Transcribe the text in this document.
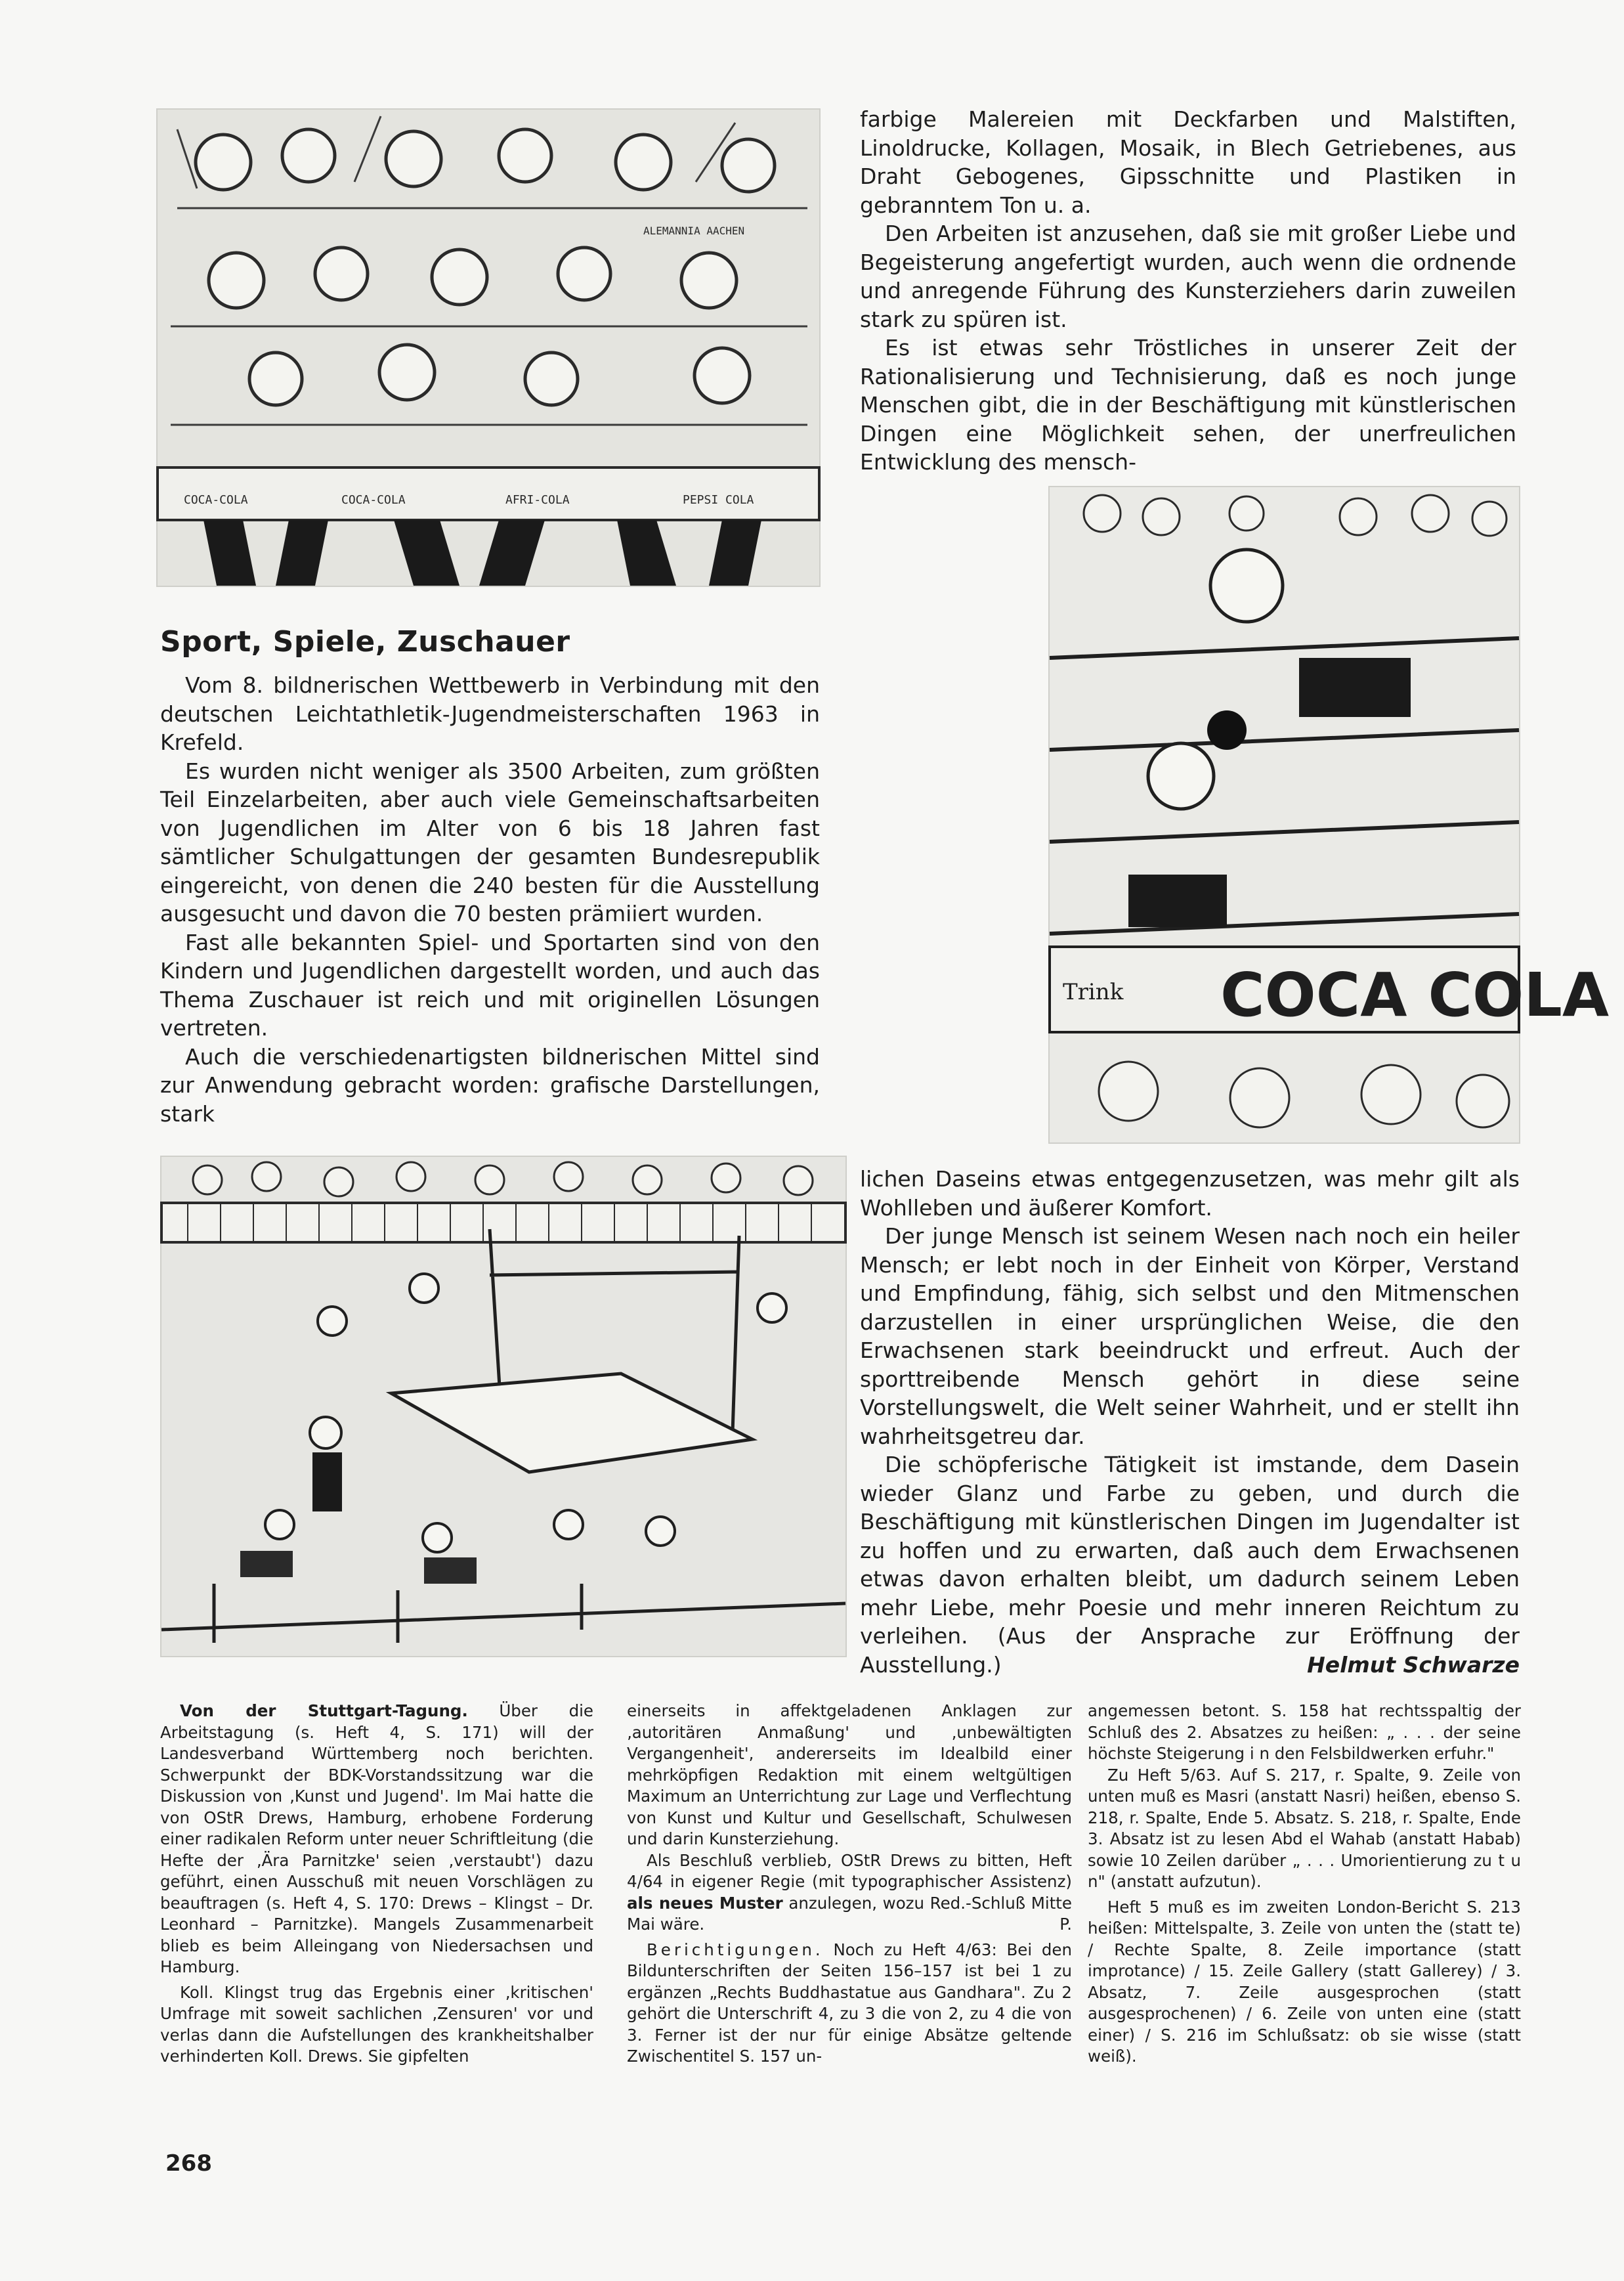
COCA-COLA	COCA-COLA	AFRI-COLA	PEPSI COLA
ALEMANNIA AACHEN

farbige Malereien mit Deckfarben und Malstiften, Linoldrucke, Kollagen, Mosaik, in Blech Getriebenes, aus Draht Gebogenes, Gipsschnitte und Plastiken in gebranntem Ton u. a.

Den Arbeiten ist anzusehen, daß sie mit großer Liebe und Begeisterung angefertigt wurden, auch wenn die ordnende und anregende Führung des Kunsterziehers darin zuweilen stark zu spüren ist.

Es ist etwas sehr Tröstliches in unserer Zeit der Rationalisierung und Technisierung, daß es noch junge Menschen gibt, die in der Beschäftigung mit künstlerischen Dingen eine Möglichkeit sehen, der unerfreulichen Entwicklung des mensch-

Trink COCA COLA
Sport, Spiele, Zuschauer

Vom 8. bildnerischen Wettbewerb in Verbindung mit den deutschen Leichtathletik-Jugendmeisterschaften 1963 in Krefeld.

Es wurden nicht weniger als 3500 Arbeiten, zum größten Teil Einzelarbeiten, aber auch viele Gemeinschaftsarbeiten von Jugendlichen im Alter von 6 bis 18 Jahren fast sämtlicher Schulgattungen der gesamten Bundesrepublik eingereicht, von denen die 240 besten für die Ausstellung ausgesucht und davon die 70 besten prämiiert wurden.

Fast alle bekannten Spiel- und Sportarten sind von den Kindern und Jugendlichen dargestellt worden, und auch das Thema Zuschauer ist reich und mit originellen Lösungen vertreten.

Auch die verschiedenartigsten bildnerischen Mittel sind zur Anwendung gebracht worden: grafische Darstellungen, stark

lichen Daseins etwas entgegenzusetzen, was mehr gilt als Wohlleben und äußerer Komfort.

Der junge Mensch ist seinem Wesen nach noch ein heiler Mensch; er lebt noch in der Einheit von Körper, Verstand und Empfindung, fähig, sich selbst und den Mitmenschen darzustellen in einer ursprünglichen Weise, die den Erwachsenen stark beeindruckt und erfreut. Auch der sporttreibende Mensch gehört in diese seine Vorstellungswelt, die Welt seiner Wahrheit, und er stellt ihn wahrheitsgetreu dar.

Die schöpferische Tätigkeit ist imstande, dem Dasein wieder Glanz und Farbe zu geben, und durch die Beschäftigung mit künstlerischen Dingen im Jugendalter ist zu hoffen und zu erwarten, daß auch dem Erwachsenen etwas davon erhalten bleibt, um dadurch seinem Leben mehr Liebe, mehr Poesie und mehr inneren Reichtum zu verleihen. (Aus der Ansprache zur Eröffnung der Ausstellung.)	Helmut Schwarze

Von der Stuttgart-Tagung. Über die Arbeitstagung (s. Heft 4, S. 171) will der Landesverband Württemberg noch berichten. Schwerpunkt der BDK-Vorstandssitzung war die Diskussion von ‚Kunst und Jugend'. Im Mai hatte die von OStR Drews, Hamburg, erhobene Forderung einer radikalen Reform unter neuer Schriftleitung (die Hefte der ‚Ära Parnitzke' seien ‚verstaubt') dazu geführt, einen Ausschuß mit neuen Vorschlägen zu beauftragen (s. Heft 4, S. 170: Drews – Klingst – Dr. Leonhard – Parnitzke). Mangels Zusammenarbeit blieb es beim Alleingang von Niedersachsen und Hamburg.

Koll. Klingst trug das Ergebnis einer ‚kritischen' Umfrage mit soweit sachlichen ‚Zensuren' vor und verlas dann die Aufstellungen des krankheitshalber verhinderten Koll. Drews. Sie gipfelten

einerseits in affektgeladenen Anklagen zur ‚autoritären Anmaßung' und ‚unbewältigten Vergangenheit', andererseits im Idealbild einer mehrköpfigen Redaktion mit einem weltgültigen Maximum an Unterrichtung zur Lage und Verflechtung von Kunst und Kultur und Gesellschaft, Schulwesen und darin Kunsterziehung.

Als Beschluß verblieb, OStR Drews zu bitten, Heft 4/64 in eigener Regie (mit typographischer Assistenz) als neues Muster anzulegen, wozu Red.-Schluß Mitte Mai wäre.	P.

Berichtigungen. Noch zu Heft 4/63: Bei den Bildunterschriften der Seiten 156–157 ist bei 1 zu ergänzen „Rechts Buddhastatue aus Gandhara". Zu 2 gehört die Unterschrift 4, zu 3 die von 2, zu 4 die von 3. Ferner ist der nur für einige Absätze geltende Zwischentitel S. 157 un-

angemessen betont. S. 158 hat rechtsspaltig der Schluß des 2. Absatzes zu heißen: „ . . . der seine höchste Steigerung i n den Felsbildwerken erfuhr."

Zu Heft 5/63. Auf S. 217, r. Spalte, 9. Zeile von unten muß es Masri (anstatt Nasri) heißen, ebenso S. 218, r. Spalte, Ende 5. Absatz. S. 218, r. Spalte, Ende 3. Absatz ist zu lesen Abd el Wahab (anstatt Habab) sowie 10 Zeilen darüber „ . . . Umorientierung zu t u n" (anstatt aufzutun).

Heft 5 muß es im zweiten London-Bericht S. 213 heißen: Mittelspalte, 3. Zeile von unten the (statt te) / Rechte Spalte, 8. Zeile importance (statt improtance) / 15. Zeile Gallery (statt Gallerey) / 3. Absatz, 7. Zeile ausgesprochen (statt ausgesprochenen) / 6. Zeile von unten eine (statt einer) / S. 216 im Schlußsatz: ob sie wisse (statt weiß).

268
